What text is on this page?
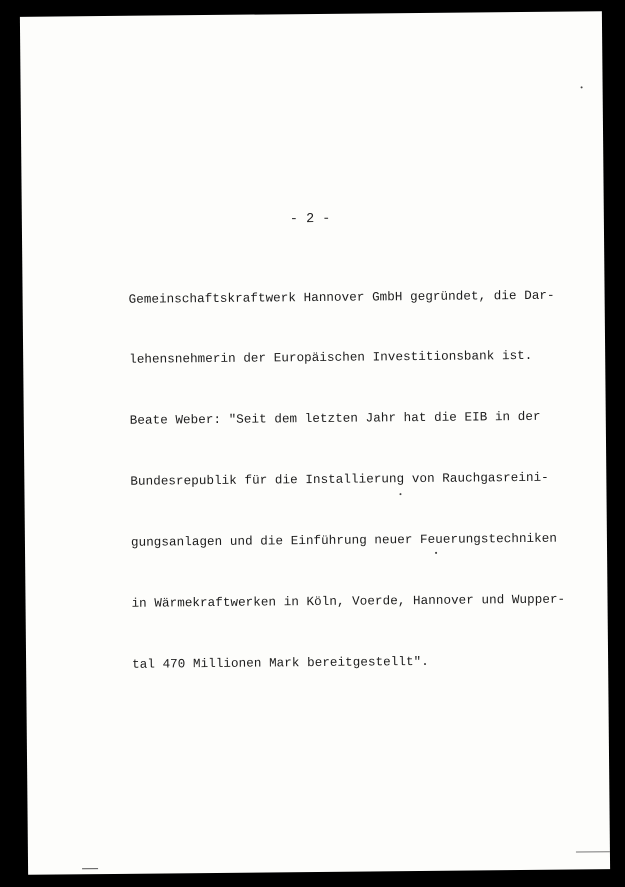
- 2 -

Gemeinschaftskraftwerk Hannover GmbH gegründet, die Dar-

lehensnehmerin der Europäischen Investitionsbank ist.

Beate Weber: "Seit dem letzten Jahr hat die EIB in der

Bundesrepublik für die Installierung von Rauchgasreini-

gungsanlagen und die Einführung neuer Feuerungstechniken

in Wärmekraftwerken in Köln, Voerde, Hannover und Wupper-

tal 470 Millionen Mark bereitgestellt".
